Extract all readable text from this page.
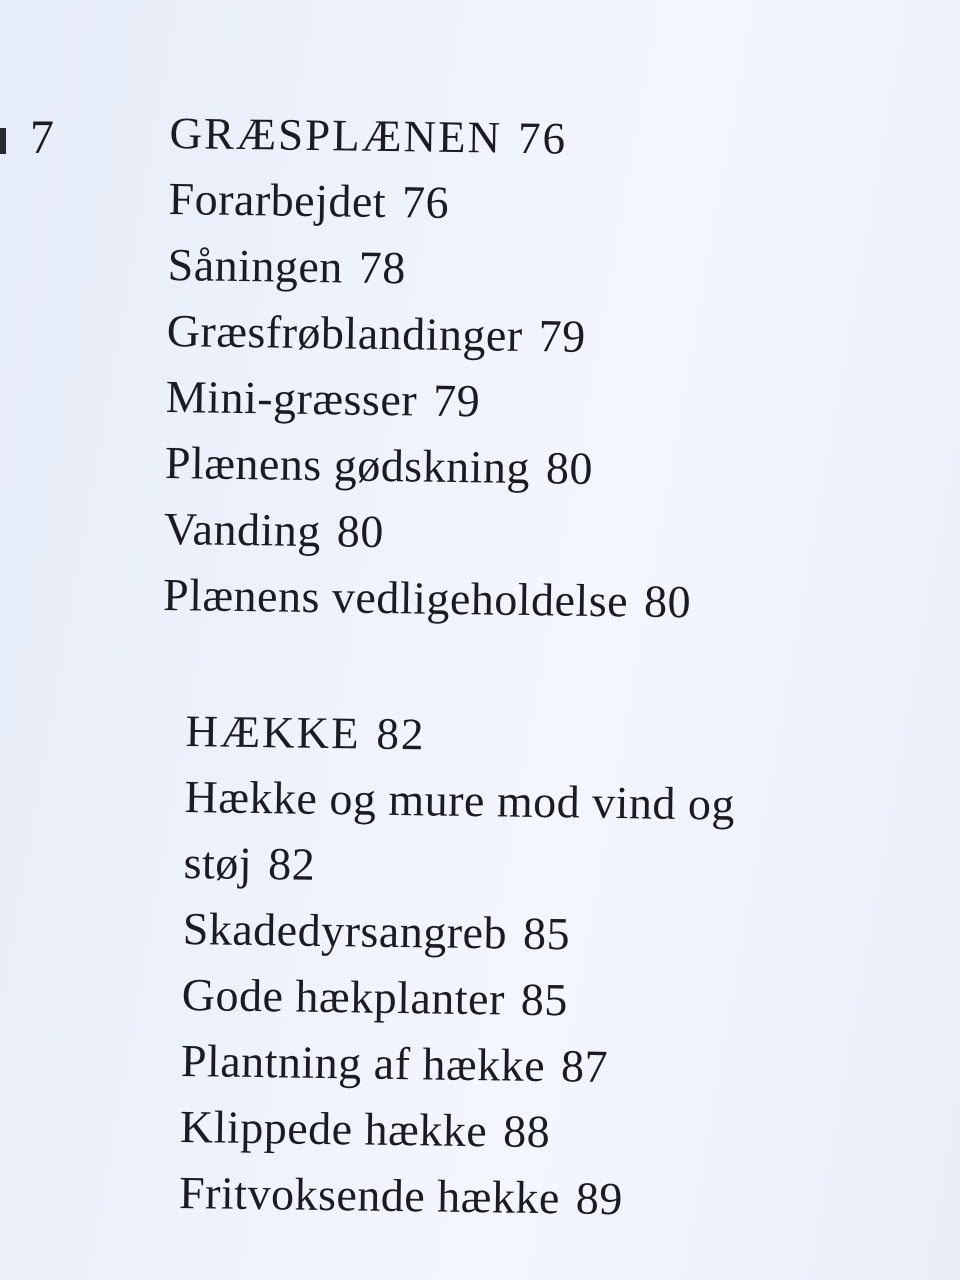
7	GRÆSPLÆNEN 76
Forarbejdet 76
Såningen 78
Græsfrøblandinger 79
Mini-græsser 79
Plænens gødskning 80
Vanding 80
Plænens vedligeholdelse 80
HÆKKE 82
Hække og mure mod vind og
støj 82
Skadedyrsangreb 85
Gode hækplanter 85
Plantning af hække 87
Klippede hække 88
Fritvoksende hække 89
